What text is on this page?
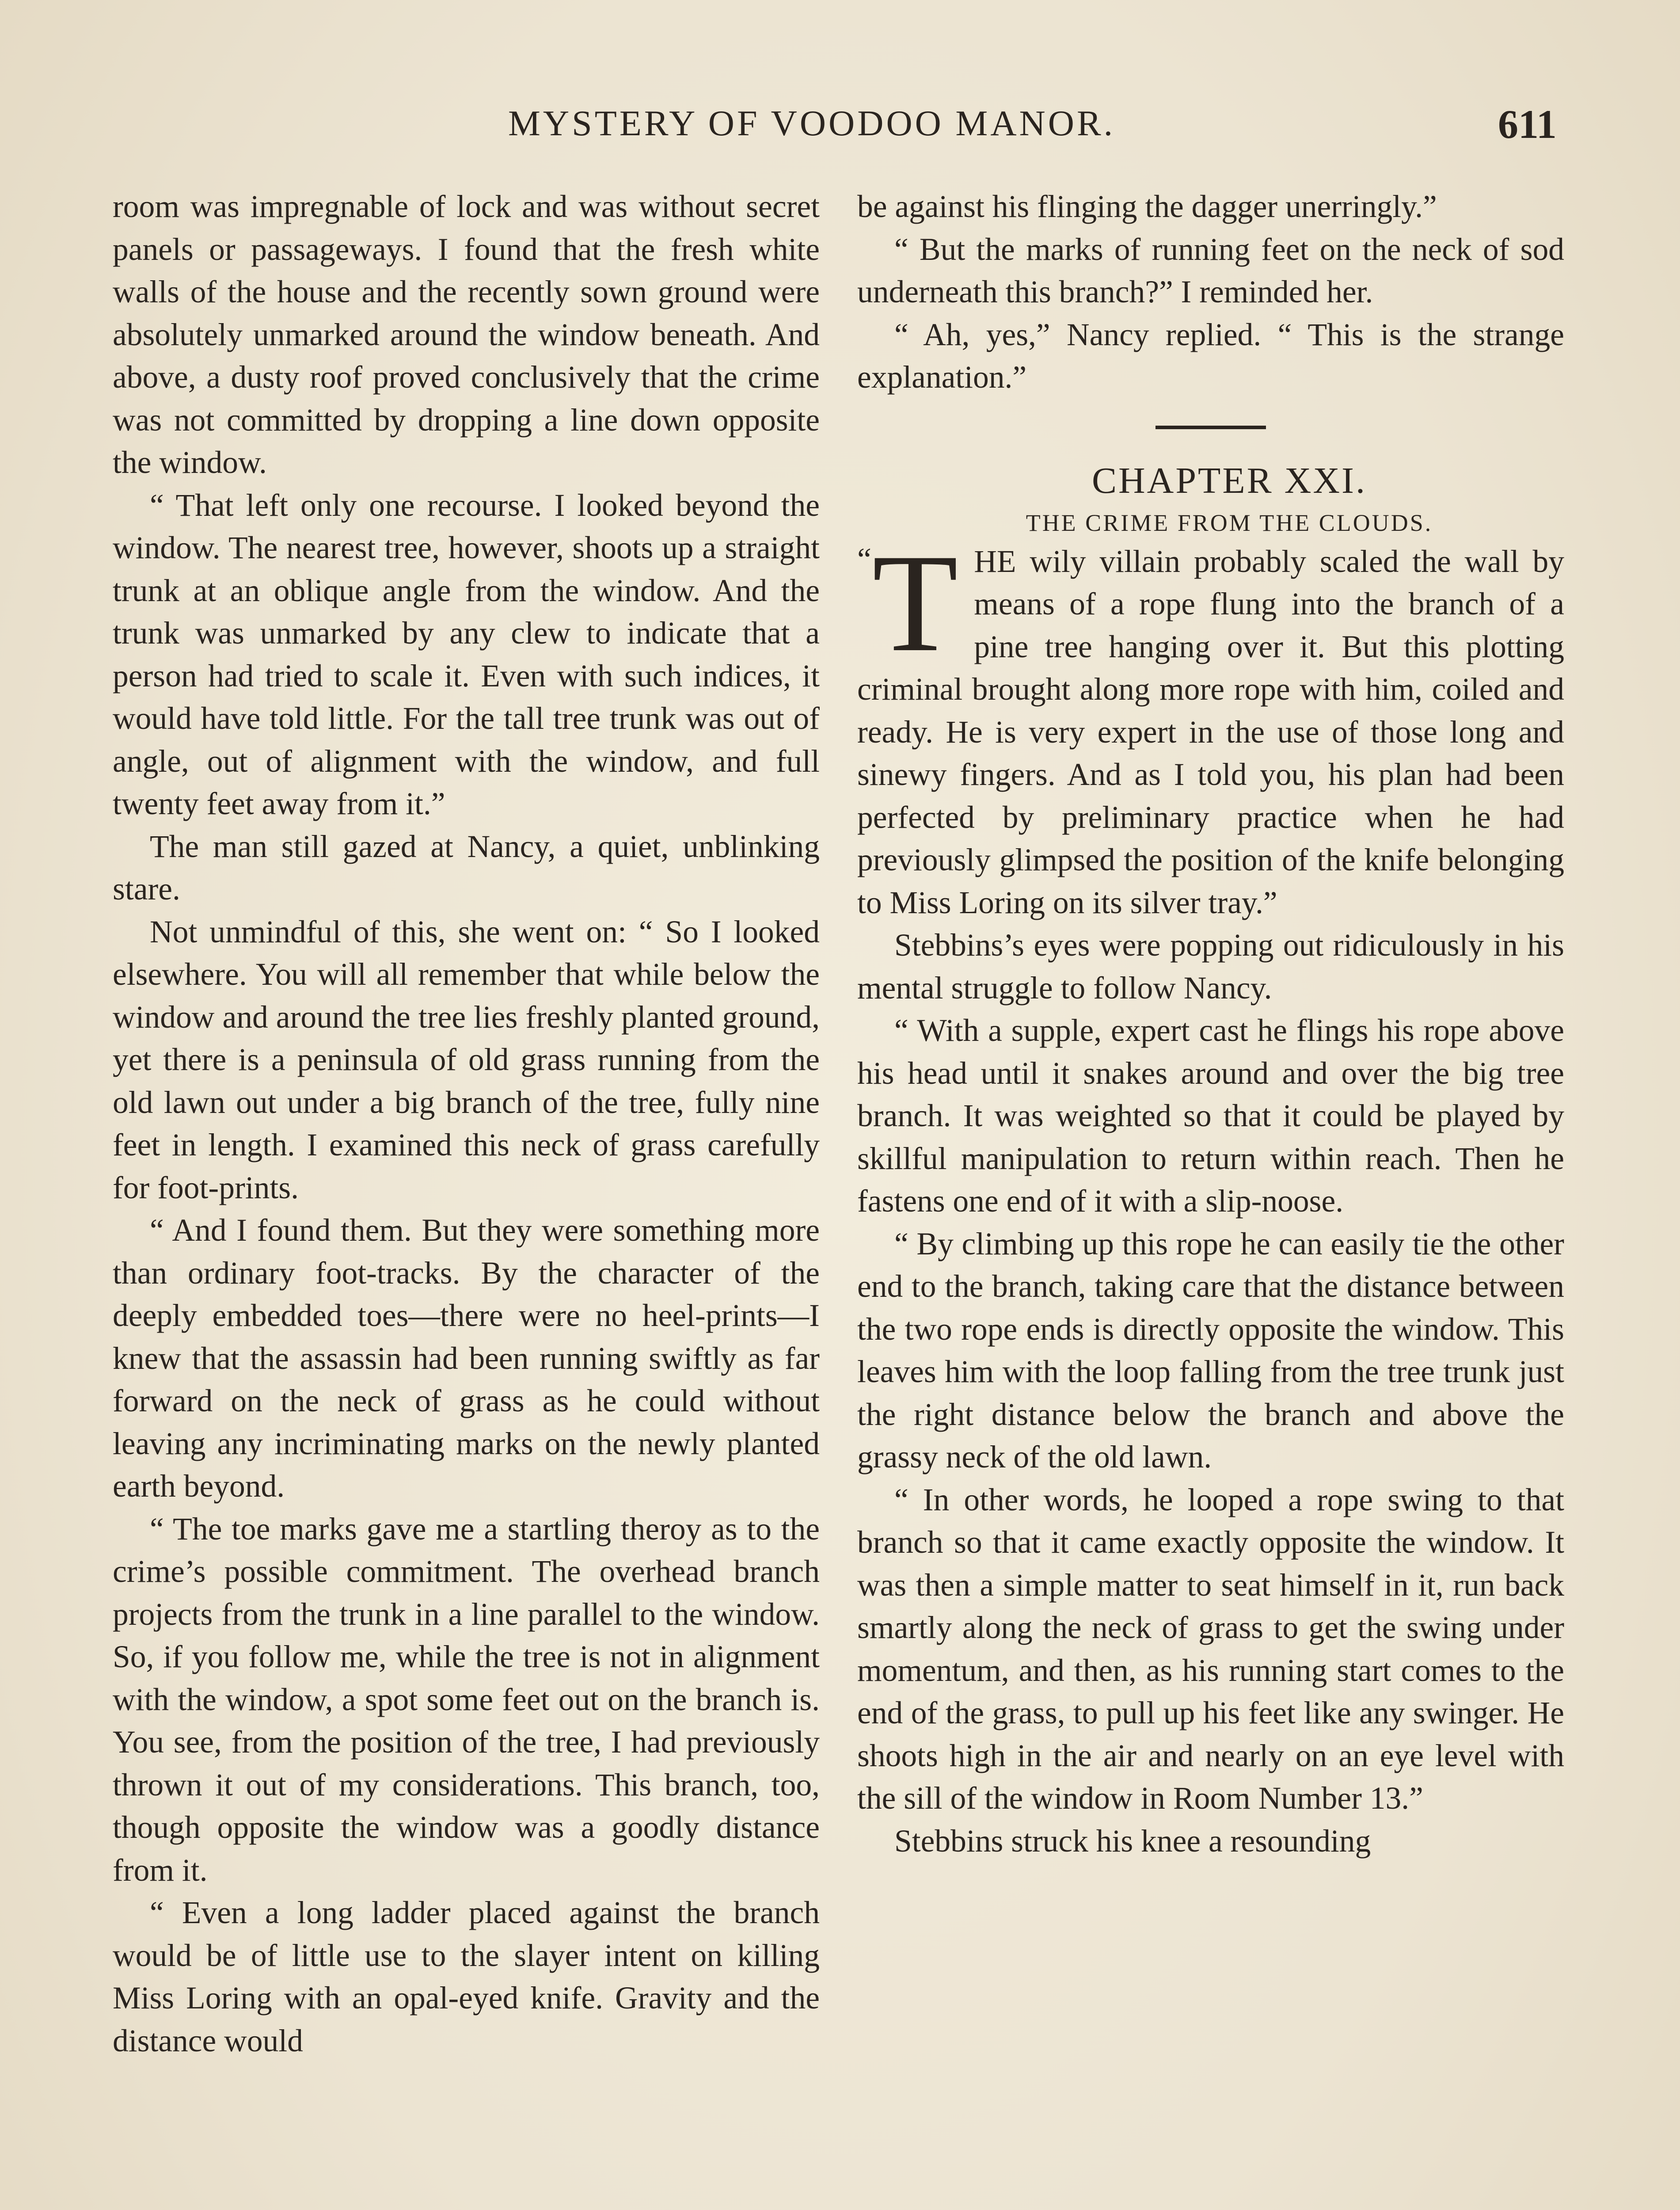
MYSTERY OF VOODOO MANOR.	611

room was impregnable of lock and was without secret panels or passageways. I found that the fresh white walls of the house and the recently sown ground were absolutely unmarked around the window beneath. And above, a dusty roof proved conclusively that the crime was not committed by dropping a line down opposite the window.

“ That left only one recourse. I looked beyond the window. The nearest tree, however, shoots up a straight trunk at an oblique angle from the window. And the trunk was unmarked by any clew to indicate that a person had tried to scale it. Even with such indices, it would have told little. For the tall tree trunk was out of angle, out of alignment with the window, and full twenty feet away from it.”

The man still gazed at Nancy, a quiet, unblinking stare.

Not unmindful of this, she went on: “ So I looked elsewhere. You will all remember that while below the window and around the tree lies freshly planted ground, yet there is a peninsula of old grass running from the old lawn out under a big branch of the tree, fully nine feet in length. I examined this neck of grass carefully for foot-prints.

“ And I found them. But they were something more than ordinary foot-tracks. By the character of the deeply embedded toes—there were no heel-prints—I knew that the assassin had been running swiftly as far forward on the neck of grass as he could without leaving any incriminating marks on the newly planted earth beyond.

“ The toe marks gave me a startling theroy as to the crime’s possible commitment. The overhead branch projects from the trunk in a line parallel to the window. So, if you follow me, while the tree is not in alignment with the window, a spot some feet out on the branch is. You see, from the position of the tree, I had previously thrown it out of my considerations. This branch, too, though opposite the window was a goodly distance from it.

“ Even a long ladder placed against the branch would be of little use to the slayer intent on killing Miss Loring with an opal-eyed knife. Gravity and the distance would

be against his flinging the dagger unerringly.”

“ But the marks of running feet on the neck of sod underneath this branch?” I reminded her.

“ Ah, yes,” Nancy replied. “ This is the strange explanation.”

CHAPTER XXI.

THE CRIME FROM THE CLOUDS.

“ T HE wily villain probably scaled the wall by means of a rope flung into the branch of a pine tree hanging over it. But this plotting criminal brought along more rope with him, coiled and ready. He is very expert in the use of those long and sinewy fingers. And as I told you, his plan had been perfected by preliminary practice when he had previously glimpsed the position of the knife belonging to Miss Loring on its silver tray.”

Stebbins’s eyes were popping out ridiculously in his mental struggle to follow Nancy.

“ With a supple, expert cast he flings his rope above his head until it snakes around and over the big tree branch. It was weighted so that it could be played by skillful manipulation to return within reach. Then he fastens one end of it with a slip-noose.

“ By climbing up this rope he can easily tie the other end to the branch, taking care that the distance between the two rope ends is directly opposite the window. This leaves him with the loop falling from the tree trunk just the right distance below the branch and above the grassy neck of the old lawn.

“ In other words, he looped a rope swing to that branch so that it came exactly opposite the window. It was then a simple matter to seat himself in it, run back smartly along the neck of grass to get the swing under momentum, and then, as his running start comes to the end of the grass, to pull up his feet like any swinger. He shoots high in the air and nearly on an eye level with the sill of the window in Room Number 13.”

Stebbins struck his knee a resounding
